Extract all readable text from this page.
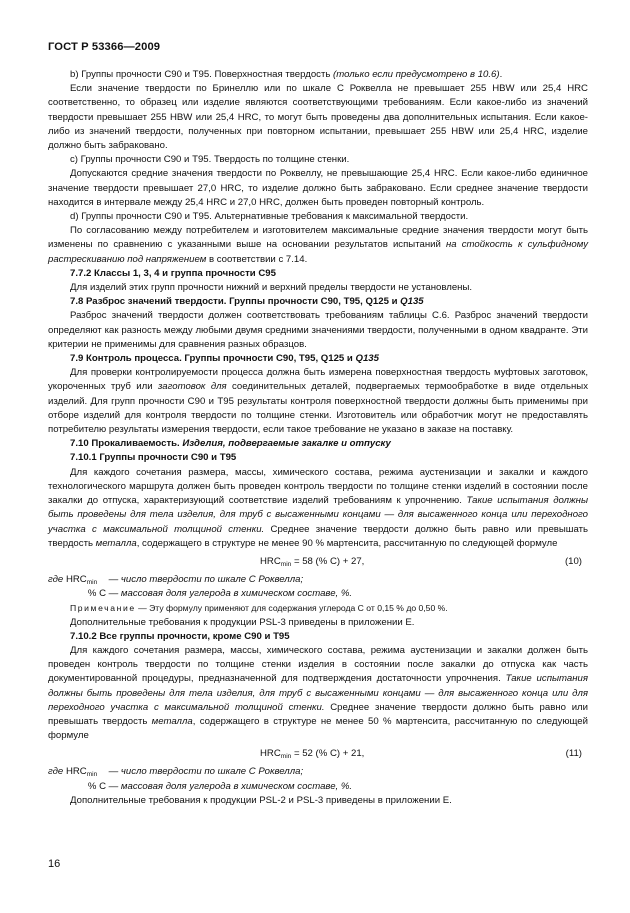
ГОСТ Р 53366—2009

b) Группы прочности С90 и Т95. Поверхностная твердость (только если предусмотрено в 10.6).

Если значение твердости по Бринеллю или по шкале С Роквелла не превышает 255 HBW или 25,4 HRC соответственно, то образец или изделие являются соответствующими требованиям. Если какое-либо из значений твердости превышает 255 HBW или 25,4 HRC, то могут быть проведены два дополнительных испытания. Если какое-либо из значений твердости, полученных при повторном испытании, превышает 255 HBW или 25,4 HRC, изделие должно быть забраковано.

c) Группы прочности С90 и Т95. Твердость по толщине стенки.

Допускаются средние значения твердости по Роквеллу, не превышающие 25,4 HRC. Если какое-либо единичное значение твердости превышает 27,0 HRC, то изделие должно быть забраковано. Если среднее значение твердости находится в интервале между 25,4 HRC и 27,0 HRC, должен быть проведен повторный контроль.

d) Группы прочности С90 и Т95. Альтернативные требования к максимальной твердости.

По согласованию между потребителем и изготовителем максимальные средние значения твердости могут быть изменены по сравнению с указанными выше на основании результатов испытаний на стойкость к сульфидному растрескиванию под напряжением в соответствии с 7.14.

7.7.2 Классы 1, 3, 4 и группа прочности С95

Для изделий этих групп прочности нижний и верхний пределы твердости не установлены.

7.8 Разброс значений твердости. Группы прочности С90, Т95, Q125 и Q135

Разброс значений твердости должен соответствовать требованиям таблицы С.6. Разброс значений твердости определяют как разность между любыми двумя средними значениями твердости, полученными в одном квадранте. Эти критерии не применимы для сравнения разных образцов.

7.9 Контроль процесса. Группы прочности С90, Т95, Q125 и Q135

Для проверки контролируемости процесса должна быть измерена поверхностная твердость муфтовых заготовок, укороченных труб или заготовок для соединительных деталей, подвергаемых термообработке в виде отдельных изделий. Для групп прочности С90 и Т95 результаты контроля поверхностной твердости должны быть применимы при отборе изделий для контроля твердости по толщине стенки. Изготовитель или обработчик могут не предоставлять потребителю результаты измерения твердости, если такое требование не указано в заказе на поставку.

7.10 Прокаливаемость. Изделия, подвергаемые закалке и отпуску

7.10.1 Группы прочности С90 и Т95

Для каждого сочетания размера, массы, химического состава, режима аустенизации и закалки и каждого технологического маршрута должен быть проведен контроль твердости по толщине стенки изделий в состоянии после закалки до отпуска, характеризующий соответствие изделий требованиям к упрочнению. Такие испытания должны быть проведены для тела изделия, для труб с высаженными концами — для высаженного конца или переходного участка с максимальной толщиной стенки. Среднее значение твердости должно быть равно или превышать твердость металла, содержащего в структуре не менее 90 % мартенсита, рассчитанную по следующей формуле

$HRC_{min} = 58$ (% C) + 27,	(10)

где $HRC_{min}$ — число твердости по шкале С Роквелла;

% C — массовая доля углерода в химическом составе, %.

Примечание — Эту формулу применяют для содержания углерода С от 0,15 % до 0,50 %.

Дополнительные требования к продукции PSL-3 приведены в приложении Е.

7.10.2 Все группы прочности, кроме С90 и Т95

Для каждого сочетания размера, массы, химического состава, режима аустенизации и закалки должен быть проведен контроль твердости по толщине стенки изделия в состоянии после закалки до отпуска как часть документированной процедуры, предназначенной для подтверждения достаточности упрочнения. Такие испытания должны быть проведены для тела изделия, для труб с высаженными концами — для высаженного конца или для переходного участка с максимальной толщиной стенки. Среднее значение твердости должно быть равно или превышать твердость металла, содержащего в структуре не менее 50 % мартенсита, рассчитанную по следующей формуле

$HRC_{min} = 52$ (% C) + 21,	(11)

где $HRC_{min}$ — число твердости по шкале С Роквелла;

% C — массовая доля углерода в химическом составе, %.

Дополнительные требования к продукции PSL-2 и PSL-3 приведены в приложении Е.

16
